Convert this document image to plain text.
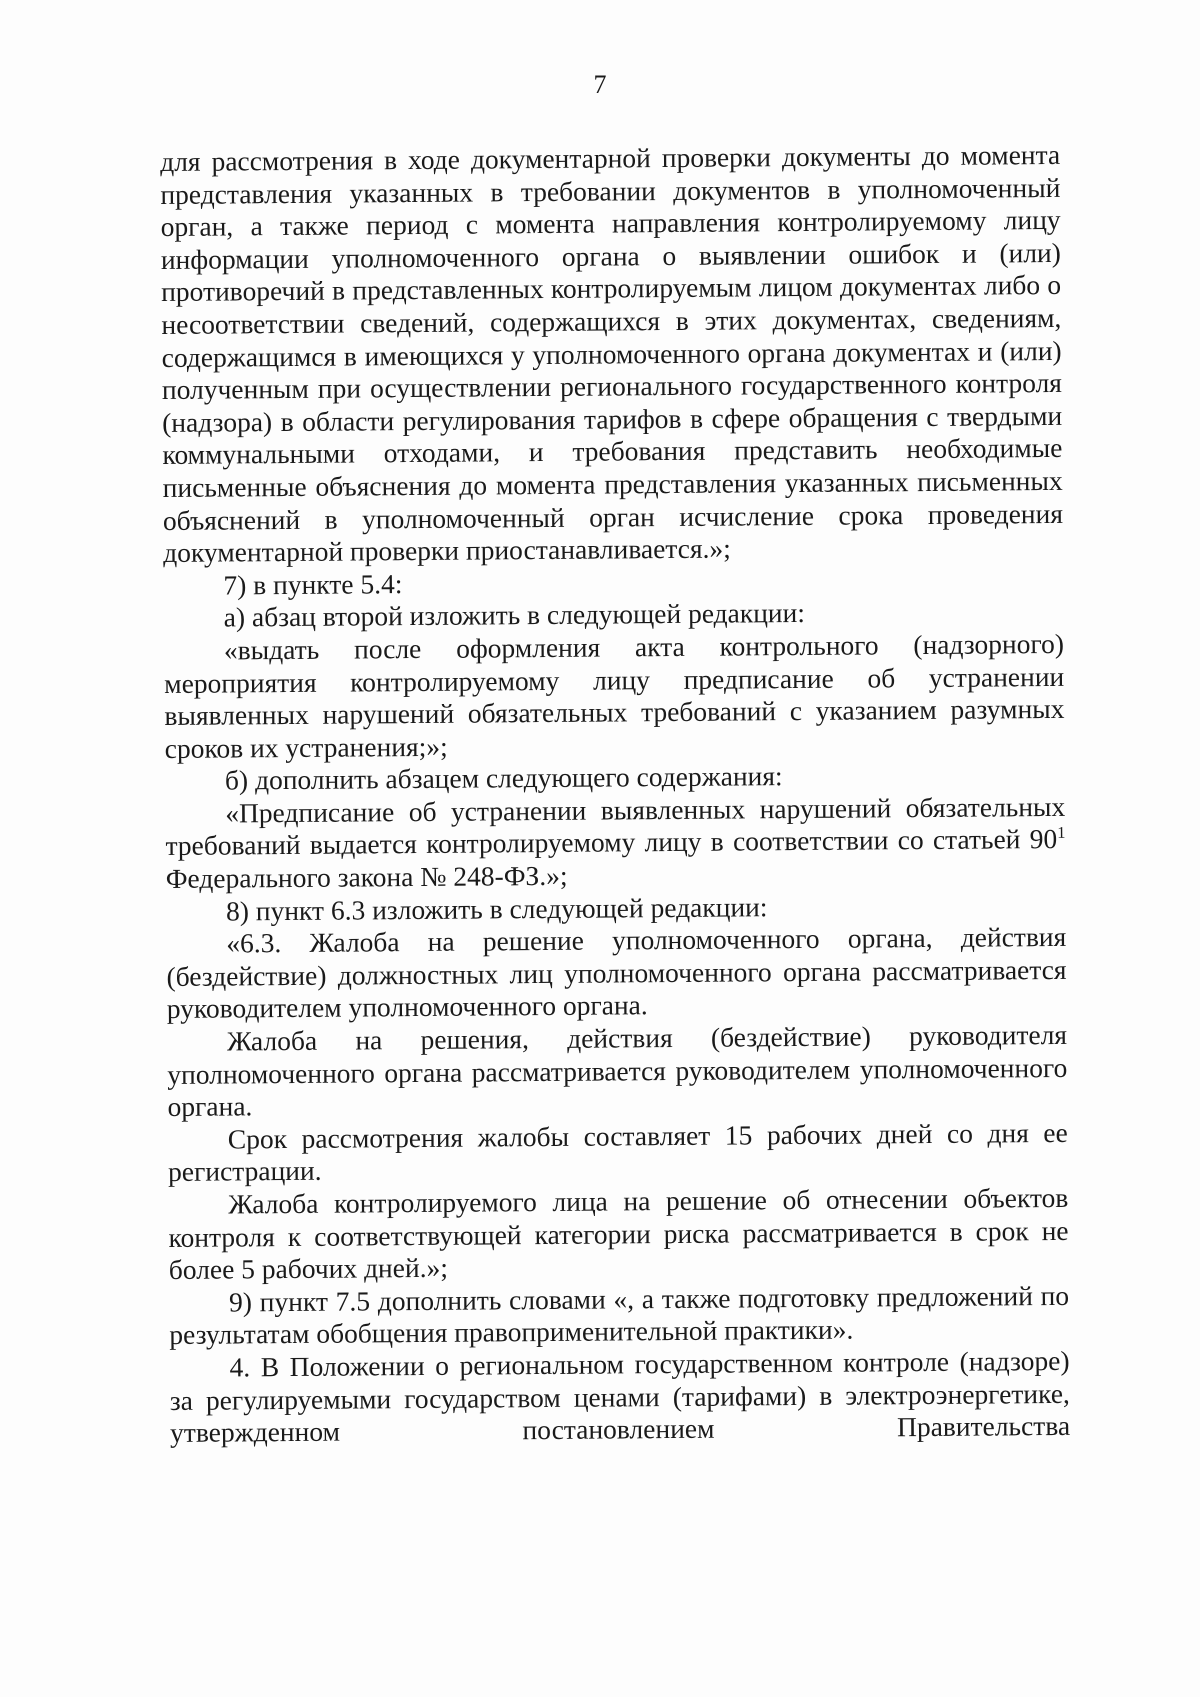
7

для рассмотрения в ходе документарной проверки документы до момента представления указанных в требовании документов в уполномоченный орган, а также период с момента направления контролируемому лицу информации уполномоченного органа о выявлении ошибок и (или) противоречий в представленных контролируемым лицом документах либо о несоответствии сведений, содержащихся в этих документах, сведениям, содержащимся в имеющихся у уполномоченного органа документах и (или) полученным при осуществлении регионального государственного контроля (надзора) в области регулирования тарифов в сфере обращения с твердыми коммунальными отходами, и требования представить необходимые письменные объяснения до момента представления указанных письменных объяснений в уполномоченный орган исчисление срока проведения документарной проверки приостанавливается.»;

7) в пункте 5.4:

а) абзац второй изложить в следующей редакции:

«выдать после оформления акта контрольного (надзорного) мероприятия контролируемому лицу предписание об устранении выявленных нарушений обязательных требований с указанием разумных сроков их устранения;»;

б) дополнить абзацем следующего содержания:

«Предписание об устранении выявленных нарушений обязательных требований выдается контролируемому лицу в соответствии со статьей $90^1$ Федерального закона № 248-ФЗ.»;

8) пункт 6.3 изложить в следующей редакции:

«6.3. Жалоба на решение уполномоченного органа, действия (бездействие) должностных лиц уполномоченного органа рассматривается руководителем уполномоченного органа.

Жалоба на решения, действия (бездействие) руководителя уполномоченного органа рассматривается руководителем уполномоченного органа.

Срок рассмотрения жалобы составляет 15 рабочих дней со дня ее регистрации.

Жалоба контролируемого лица на решение об отнесении объектов контроля к соответствующей категории риска рассматривается в срок не более 5 рабочих дней.»;

9) пункт 7.5 дополнить словами «, а также подготовку предложений по результатам обобщения правоприменительной практики».

4. В Положении о региональном государственном контроле (надзоре) за регулируемыми государством ценами (тарифами) в электроэнергетике, утвержденном постановлением Правительства
